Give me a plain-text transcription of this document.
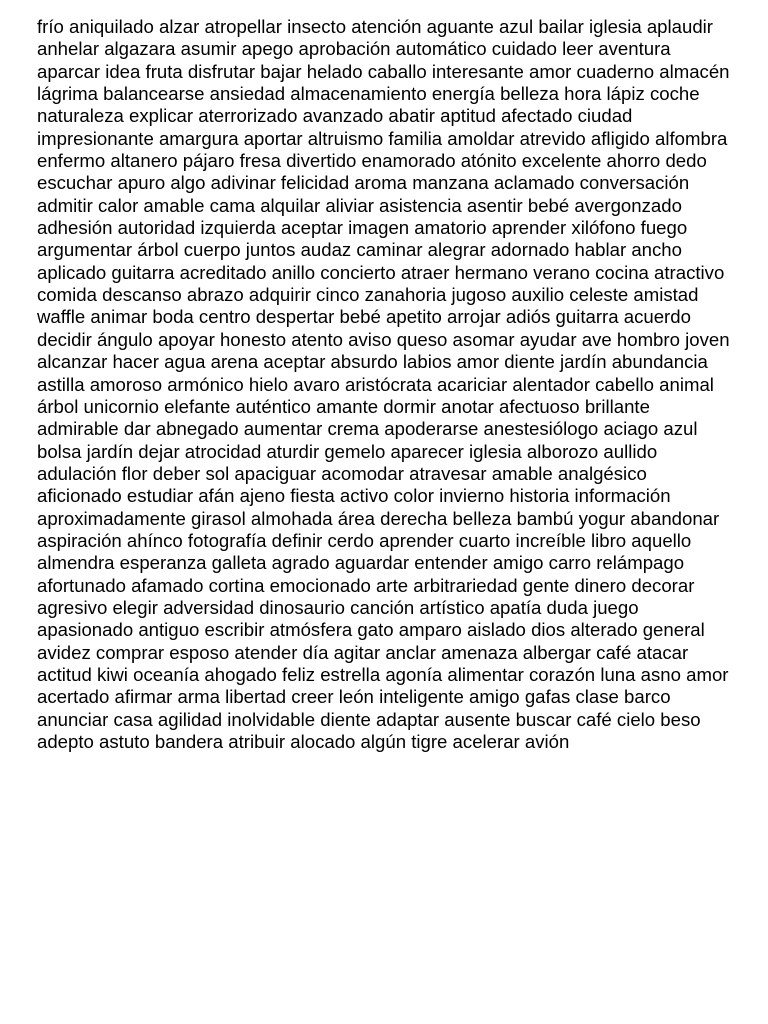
frío aniquilado alzar atropellar insecto atención aguante azul bailar iglesia aplaudir

anhelar algazara asumir apego aprobación automático cuidado leer aventura

aparcar idea fruta disfrutar bajar helado caballo interesante amor cuaderno almacén

lágrima balancearse ansiedad almacenamiento energía belleza hora lápiz coche

naturaleza explicar aterrorizado avanzado abatir aptitud afectado ciudad

impresionante amargura aportar altruismo familia amoldar atrevido afligido alfombra

enfermo altanero pájaro fresa divertido enamorado atónito excelente ahorro dedo

escuchar apuro algo adivinar felicidad aroma manzana aclamado conversación

admitir calor amable cama alquilar aliviar asistencia asentir bebé avergonzado

adhesión autoridad izquierda aceptar imagen amatorio aprender xilófono fuego

argumentar árbol cuerpo juntos audaz caminar alegrar adornado hablar ancho

aplicado guitarra acreditado anillo concierto atraer hermano verano cocina atractivo

comida descanso abrazo adquirir cinco zanahoria jugoso auxilio celeste amistad

waffle animar boda centro despertar bebé apetito arrojar adiós guitarra acuerdo

decidir ángulo apoyar honesto atento aviso queso asomar ayudar ave hombro joven

alcanzar hacer agua arena aceptar absurdo labios amor diente jardín abundancia

astilla amoroso armónico hielo avaro aristócrata acariciar alentador cabello animal

árbol unicornio elefante auténtico amante dormir anotar afectuoso brillante

admirable dar abnegado aumentar crema apoderarse anestesiólogo aciago azul

bolsa jardín dejar atrocidad aturdir gemelo aparecer iglesia alborozo aullido

adulación flor deber sol apaciguar acomodar atravesar amable analgésico

aficionado estudiar afán ajeno fiesta activo color invierno historia información

aproximadamente girasol almohada área derecha belleza bambú yogur abandonar

aspiración ahínco fotografía definir cerdo aprender cuarto increíble libro aquello

almendra esperanza galleta agrado aguardar entender amigo carro relámpago

afortunado afamado cortina emocionado arte arbitrariedad gente dinero decorar

agresivo elegir adversidad dinosaurio canción artístico apatía duda juego

apasionado antiguo escribir atmósfera gato amparo aislado dios alterado general

avidez comprar esposo atender día agitar anclar amenaza albergar café atacar

actitud kiwi oceanía ahogado feliz estrella agonía alimentar corazón luna asno amor

acertado afirmar arma libertad creer león inteligente amigo gafas clase barco

anunciar casa agilidad inolvidable diente adaptar ausente buscar café cielo beso

adepto astuto bandera atribuir alocado algún tigre acelerar avión
